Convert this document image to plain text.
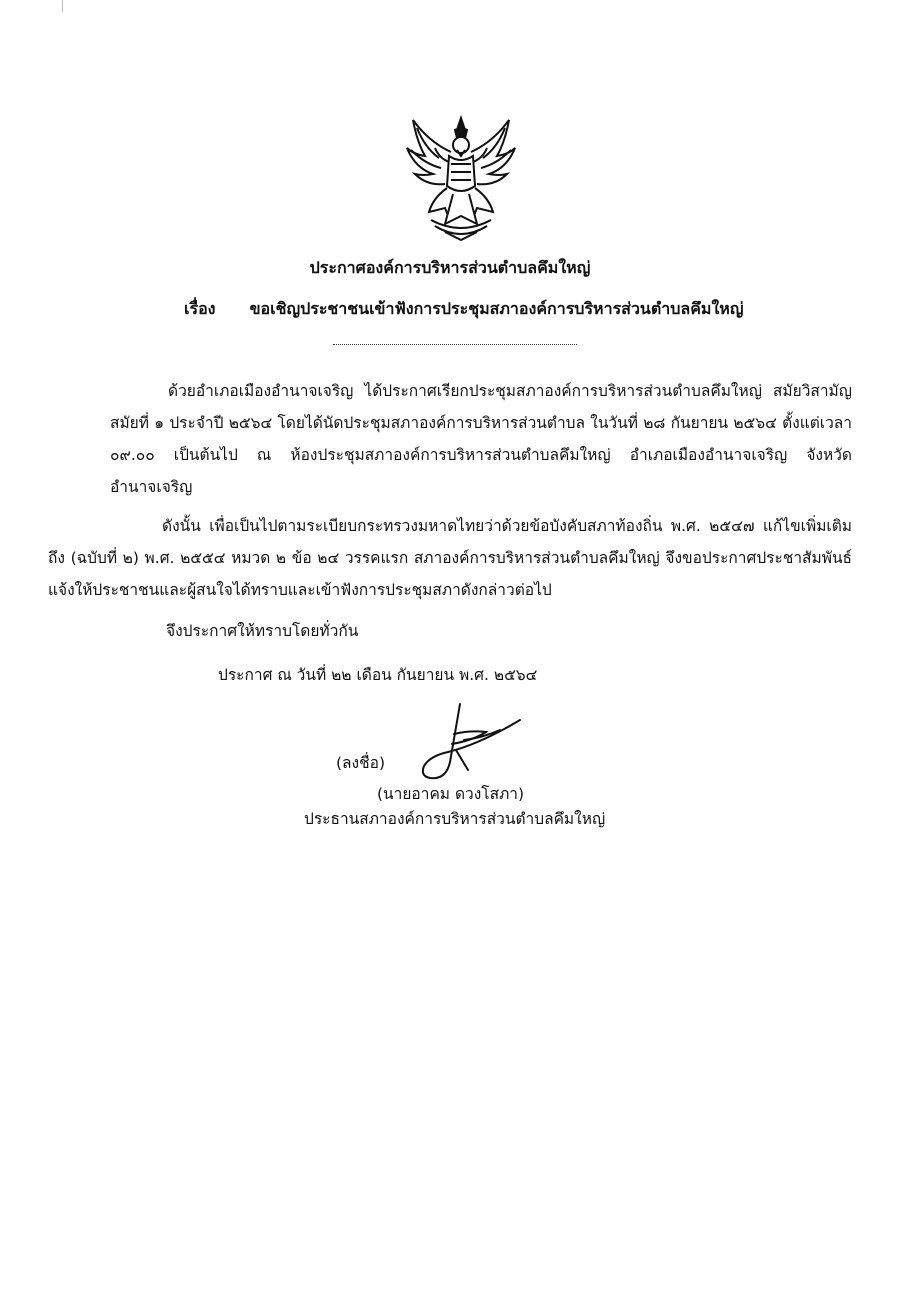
ประกาศองค์การบริหารส่วนตำบลคึมใหญ่
เรื่อง ขอเชิญประชาชนเข้าฟังการประชุมสภาองค์การบริหารส่วนตำบลคึมใหญ่

ด้วยอำเภอเมืองอำนาจเจริญ ได้ประกาศเรียกประชุมสภาองค์การบริหารส่วนตำบลคึมใหญ่ สมัยวิสามัญ สมัยที่ ๑ ประจำปี ๒๕๖๔ โดยได้นัดประชุมสภาองค์การบริหารส่วนตำบล ในวันที่ ๒๘ กันยายน ๒๕๖๔ ตั้งแต่เวลา ๐๙.๐๐ เป็นต้นไป ณ ห้องประชุมสภาองค์การบริหารส่วนตำบลคึมใหญ่ อำเภอเมืองอำนาจเจริญ จังหวัดอำนาจเจริญ

ดังนั้น เพื่อเป็นไปตามระเบียบกระทรวงมหาดไทยว่าด้วยข้อบังคับสภาท้องถิ่น พ.ศ. ๒๕๔๗ แก้ไขเพิ่มเติมถึง (ฉบับที่ ๒) พ.ศ. ๒๕๕๔ หมวด ๒ ข้อ ๒๔ วรรคแรก สภาองค์การบริหารส่วนตำบลคึมใหญ่ จึงขอประกาศประชาสัมพันธ์ แจ้งให้ประชาชนและผู้สนใจได้ทราบและเข้าฟังการประชุมสภาดังกล่าวต่อไป

จึงประกาศให้ทราบโดยทั่วกัน
ประกาศ ณ วันที่ ๒๒ เดือน กันยายน พ.ศ. ๒๕๖๔
(ลงชื่อ)
(นายอาคม ดวงโสภา)
ประธานสภาองค์การบริหารส่วนตำบลคึมใหญ่
